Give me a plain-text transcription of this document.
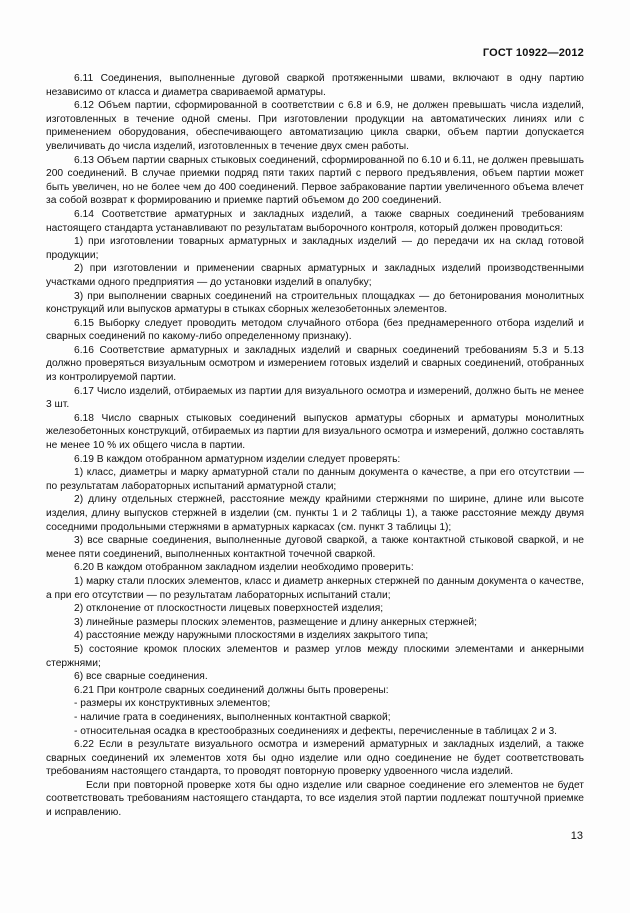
ГОСТ 10922—2012

6.11 Соединения, выполненные дуговой сваркой протяженными швами, включают в одну партию независимо от класса и диаметра свариваемой арматуры.

6.12 Объем партии, сформированной в соответствии с 6.8 и 6.9, не должен превышать числа изделий, изготовленных в течение одной смены. При изготовлении продукции на автоматических линиях или с применением оборудования, обеспечивающего автоматизацию цикла сварки, объем партии допускается увеличивать до числа изделий, изготовленных в течение двух смен работы.

6.13 Объем партии сварных стыковых соединений, сформированной по 6.10 и 6.11, не должен превышать 200 соединений. В случае приемки подряд пяти таких партий с первого предъявления, объем партии может быть увеличен, но не более чем до 400 соединений. Первое забракование партии увеличенного объема влечет за собой возврат к формированию и приемке партий объемом до 200 соединений.

6.14 Соответствие арматурных и закладных изделий, а также сварных соединений требованиям настоящего стандарта устанавливают по результатам выборочного контроля, который должен проводиться:

1) при изготовлении товарных арматурных и закладных изделий — до передачи их на склад готовой продукции;

2) при изготовлении и применении сварных арматурных и закладных изделий производственными участками одного предприятия — до установки изделий в опалубку;

3) при выполнении сварных соединений на строительных площадках — до бетонирования монолитных конструкций или выпусков арматуры в стыках сборных железобетонных элементов.

6.15 Выборку следует проводить методом случайного отбора (без преднамеренного отбора изделий и сварных соединений по какому-либо определенному признаку).

6.16 Соответствие арматурных и закладных изделий и сварных соединений требованиям 5.3 и 5.13 должно проверяться визуальным осмотром и измерением готовых изделий и сварных соединений, отобранных из контролируемой партии.

6.17 Число изделий, отбираемых из партии для визуального осмотра и измерений, должно быть не менее 3 шт.

6.18 Число сварных стыковых соединений выпусков арматуры сборных и арматуры монолитных железобетонных конструкций, отбираемых из партии для визуального осмотра и измерений, должно составлять не менее 10 % их общего числа в партии.

6.19 В каждом отобранном арматурном изделии следует проверять:

1) класс, диаметры и марку арматурной стали по данным документа о качестве, а при его отсутствии — по результатам лабораторных испытаний арматурной стали;

2) длину отдельных стержней, расстояние между крайними стержнями по ширине, длине или высоте изделия, длину выпусков стержней в изделии (см. пункты 1 и 2 таблицы 1), а также расстояние между двумя соседними продольными стержнями в арматурных каркасах (см. пункт 3 таблицы 1);

3) все сварные соединения, выполненные дуговой сваркой, а также контактной стыковой сваркой, и не менее пяти соединений, выполненных контактной точечной сваркой.

6.20 В каждом отобранном закладном изделии необходимо проверить:

1) марку стали плоских элементов, класс и диаметр анкерных стержней по данным документа о качестве, а при его отсутствии — по результатам лабораторных испытаний стали;

2) отклонение от плоскостности лицевых поверхностей изделия;

3) линейные размеры плоских элементов, размещение и длину анкерных стержней;

4) расстояние между наружными плоскостями в изделиях закрытого типа;

5) состояние кромок плоских элементов и размер углов между плоскими элементами и анкерными стержнями;

6) все сварные соединения.

6.21 При контроле сварных соединений должны быть проверены:

- размеры их конструктивных элементов;

- наличие грата в соединениях, выполненных контактной сваркой;

- относительная осадка в крестообразных соединениях и дефекты, перечисленные в таблицах 2 и 3.

6.22 Если в результате визуального осмотра и измерений арматурных и закладных изделий, а также сварных соединений их элементов хотя бы одно изделие или одно соединение не будет соответствовать требованиям настоящего стандарта, то проводят повторную проверку удвоенного числа изделий.

Если при повторной проверке хотя бы одно изделие или сварное соединение его элементов не будет соответствовать требованиям настоящего стандарта, то все изделия этой партии подлежат поштучной приемке и исправлению.

13
